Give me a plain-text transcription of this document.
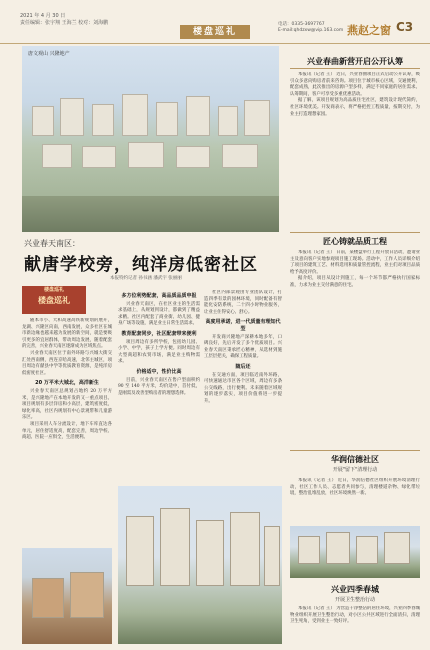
2021 年 4 月 30 日
责任编辑：张宇翔 王海兰 校对：刘海鹏
楼盘巡礼
电话：0335-3697767
E-mail:qhdzxw@vip.163.com 燕赵之窗 C3
唐文观山 兴隆地产
兴业春天南区：
献唐学校旁，纯洋房低密社区
本报特约记者 孙书涵 潘武宇 张丽丽
楼盘巡礼
楼盘巡礼
随本市小、大和高速高铁新规划的展开，龙湖、兴隆区向南，西南发展，众多社区在城市新边缘也越来越为发展的新空间，就是要吸引更多的宜居群体，带动周边发展，随着配套的完善，兴业春天南区逐渐成为区域焦点。
兴业春天南区位于南外环路与兴城大街交汇处西南侧，西连京哈高速，北邻主城区，项目周边有献县中学等优质教育资源，是纯洋房低密度社区。
20 万平米大城北，高洋新生
兴业春天南区总规划占地约 20 万平方米，是兴隆地产在本地开发的又一重点项目。项目规划有多层洋房和小高层，建筑密度低，绿化率高，社区内规划有中心景观带和儿童游乐区。
项目采用人车分流设计，地下车库直达各单元，居住舒适度高，配套完善，周边学校、商超、医院一应俱全，生活便利。
多方位利势配套，高品质品质申报
兴业春天南区，在社区业主的生活需求基础上，从规划到设计，都做到了精益求精。社区内配套了商业街、幼儿园、健身广场等设施，满足业主日常生活需求。
教育配套同步，社区配套带来便利
项目周边有多所学校，包括幼儿园、小学、中学，孩子上学方便。同时周边有大型商超和农贸市场，满足业主购物需求。
价格适中，性价比高
目前，兴业春天南区在售户型面积约 90 至 140 平方米，均价适中，首付低，是刚需及改善型购房者的理想选择。
社区内部景观由专业团队设计，打造四季有景的园林环境，同时配备有智能化安防系统，二十四小时物业服务，让业主住得安心、舒心。
高度用承诺，进一代质量有理知代型
开发商兴隆地产深耕本地多年，口碑良好，先后开发了多个优质项目。兴业春天南区秉承匠心精神，从选材到施工层层把关，确保工程质量。
随后还
在交通方面，项目临近南外环路，可快速通达市区各个区域，周边有多条公交线路，出行便利。未来随着区域规划的逐步落实，项目价值将进一步提升。
兴业春曲新营开启公开认筹
本报讯（记者 王） 近日，兴业春曲项目正式启动公开认筹，吸引众多意向购房者前来咨询。项目位于城市核心区域，交通便利，配套成熟，此次推出的房源户型多样，满足不同家庭的居住需求。认筹期间，客户可享受多重优惠活动。
据了解，该项目规划为高品质住宅社区，建筑设计现代简约，社区环境优美。开发商表示，将严格把控工程质量，按期交付，为业主打造理想家园。
匠心铸就品质工程
本报讯（记者 王） 日前，某楼盘举行工程开放日活动，邀请业主及意向客户实地参观项目施工现场。活动中，工作人员详细介绍了项目的建筑工艺、材料选用和质量管控流程，业主们对项目品质给予高度评价。
据介绍，项目从设计到施工，每一个环节都严格执行国家标准，力求为业主交付满意的住宅。
华润信德社区
开展"留下"清理行动
本报讯（记者 王） 近日，华润信德社区组织开展环境清理行动，社区工作人员、志愿者共同参与，清理楼道杂物、绿化带垃圾，整治乱堆乱放，社区环境焕然一新。
兴业四季春城
开展卫生整治行动
本报讯（记者 王） 为营造干净整洁的居住环境，兴业四季春城物业组织开展卫生整治行动，对小区公共区域进行全面清扫，清理卫生死角，受到业主一致好评。
